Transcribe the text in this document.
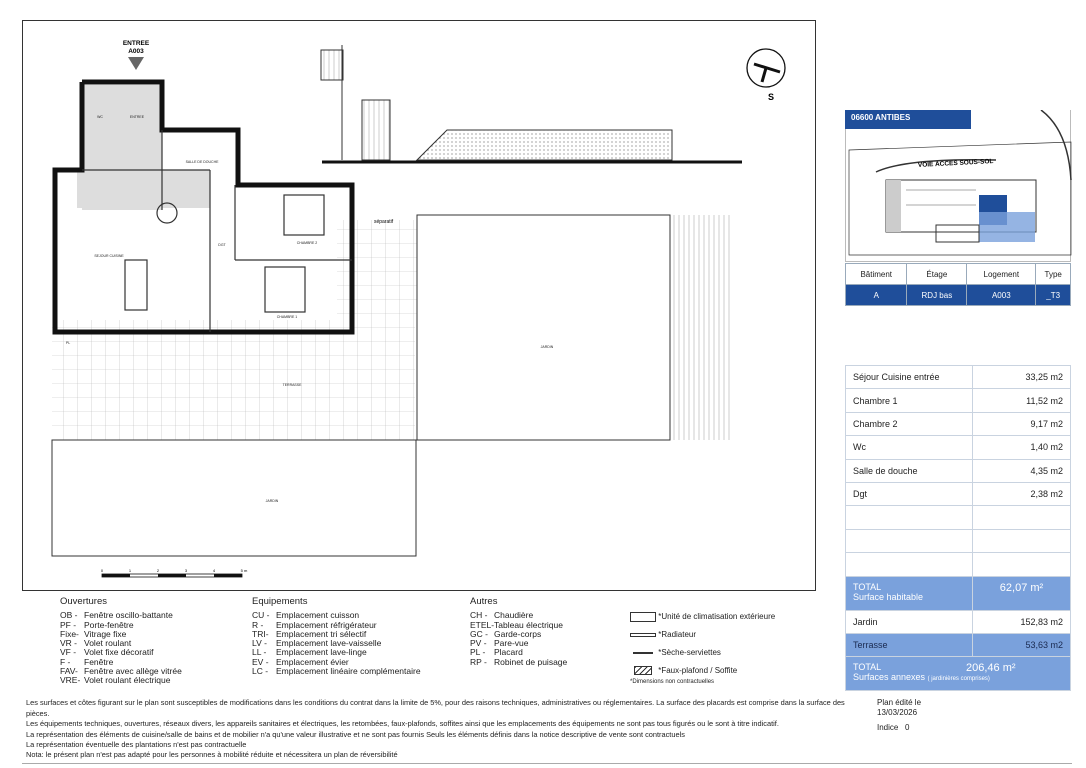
S
ENTREE
A003
WC	ENTREE
SEJOUR CUISINE
SALLE DE DOUCHE
DGT	CHAMBRE 2
CHAMBRE 1
TERRASSE
JARDIN
JARDIN
PL
séparatif
0	1	2	3	4	5 m
Ouvertures
OB - Fenêtre oscillo-battante
PF - Porte-fenêtre
Fixe- Vitrage fixe
VR - Volet roulant
VF - Volet fixe décoratif
F - Fenêtre
FAV- Fenêtre avec allège vitrée
VRE- Volet roulant électrique
Equipements
CU - Emplacement cuisson
R - Emplacement réfrigérateur
TRI- Emplacement tri sélectif
LV - Emplacement lave-vaisselle
LL - Emplacement lave-linge
EV - Emplacement évier
LC - Emplacement linéaire complémentaire
Autres
CH - Chaudière
ETEL-Tableau électrique
GC - Garde-corps
PV - Pare-vue
PL - Placard
RP - Robinet de puisage
*Unité de climatisation extérieure
*Radiateur
*Sèche-serviettes
*Faux-plafond / Soffite
*Dimensions non contractuelles
Les surfaces et côtes figurant sur le plan sont susceptibles de modifications dans les conditions du contrat dans la limite de 5%, pour des raisons techniques, administratives ou réglementaires. La surface des placards est comprise dans la surface des pièces.
Les équipements techniques, ouvertures, réseaux divers, les appareils sanitaires et électriques, les retombées, faux-plafonds, soffites ainsi que les emplacements des équipements ne sont pas tous figurés ou le sont à titre indicatif.
La représentation des éléments de cuisine/salle de bains et de mobilier n'a qu'une valeur illustrative et ne sont pas fournis Seuls les éléments définis dans la notice descriptive de vente sont contractuels
La représentation éventuelle des plantations n'est pas contractuelle
Nota: le présent plan n'est pas adapté pour les personnes à mobilité réduite et nécessitera un plan de réversibilité
VOIE ACCES SOUS-SOL
06600 ANTIBES
Bâtiment	Étage	Logement	Type
A	RDJ bas	A003	_T3
Séjour Cuisine entrée	33,25 m2
Chambre 1	11,52 m2
Chambre 2	9,17 m2
Wc	1,40 m2
Salle de douche	4,35 m2
Dgt	2,38 m2

TOTAL
Surface habitable	62,07 m²
Jardin	152,83 m2
Terrasse	53,63 m2

TOTAL
Surfaces annexes ( jardinières comprises)
206,46 m²	
Plan édité le
13/03/2026
Indice 0
